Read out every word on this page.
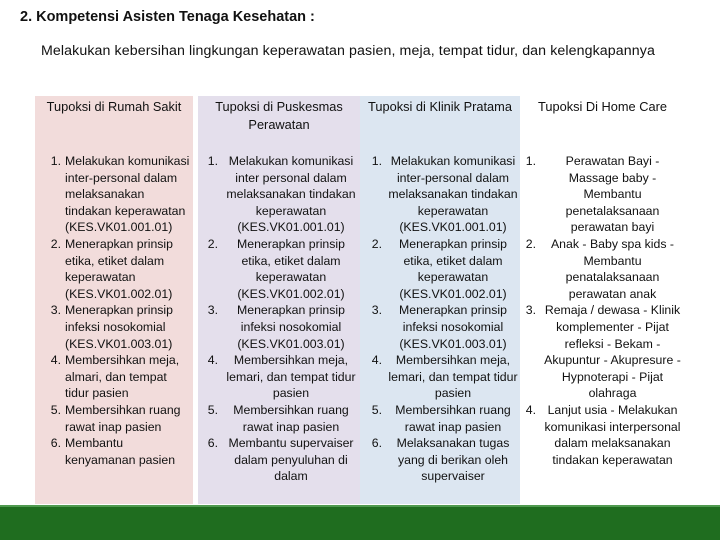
2. Kompetensi Asisten Tenaga Kesehatan :
Melakukan kebersihan lingkungan keperawatan pasien, meja, tempat tidur, dan kelengkapannya
Tupoksi di Rumah Sakit
1. Melakukan komunikasi inter-personal dalam melaksanakan tindakan keperawatan (KES.VK01.001.01)
2. Menerapkan prinsip etika, etiket dalam keperawatan (KES.VK01.002.01)
3. Menerapkan prinsip infeksi nosokomial (KES.VK01.003.01)
4. Membersihkan meja, almari, dan tempat tidur pasien
5. Membersihkan ruang rawat inap pasien
6. Membantu kenyamanan pasien
Tupoksi di Puskesmas Perawatan
1. Melakukan komunikasi inter personal dalam melaksanakan tindakan keperawatan (KES.VK01.001.01)
2.	Menerapkan prinsip etika, etiket dalam keperawatan (KES.VK01.002.01)
3.	Menerapkan prinsip infeksi nosokomial (KES.VK01.003.01)
4.	Membersihkan meja, lemari, dan tempat tidur pasien
5.	Membersihkan ruang rawat inap pasien
6. Membantu supervaiser dalam penyuluhan di dalam
Tupoksi di Klinik Pratama
1. Melakukan komunikasi inter-personal dalam melaksanakan tindakan keperawatan (KES.VK01.001.01)
2.	Menerapkan prinsip etika, etiket dalam keperawatan (KES.VK01.002.01)
3.	Menerapkan prinsip infeksi nosokomial (KES.VK01.003.01)
4.	Membersihkan meja, lemari, dan tempat tidur pasien
5.	Membersihkan ruang rawat inap pasien
6.	Melaksanakan tugas yang di berikan oleh supervaiser
Tupoksi Di Home Care
1.	Perawatan Bayi - Massage baby - Membantu penetalaksanaan perawatan bayi
2.	Anak - Baby spa kids - Membantu penatalaksanaan perawatan anak
3. Remaja / dewasa - Klinik komplementer - Pijat refleksi - Bekam - Akupuntur - Akupresure - Hypnoterapi - Pijat olahraga
4. Lanjut usia - Melakukan komunikasi interpersonal dalam melaksanakan tindakan keperawatan
